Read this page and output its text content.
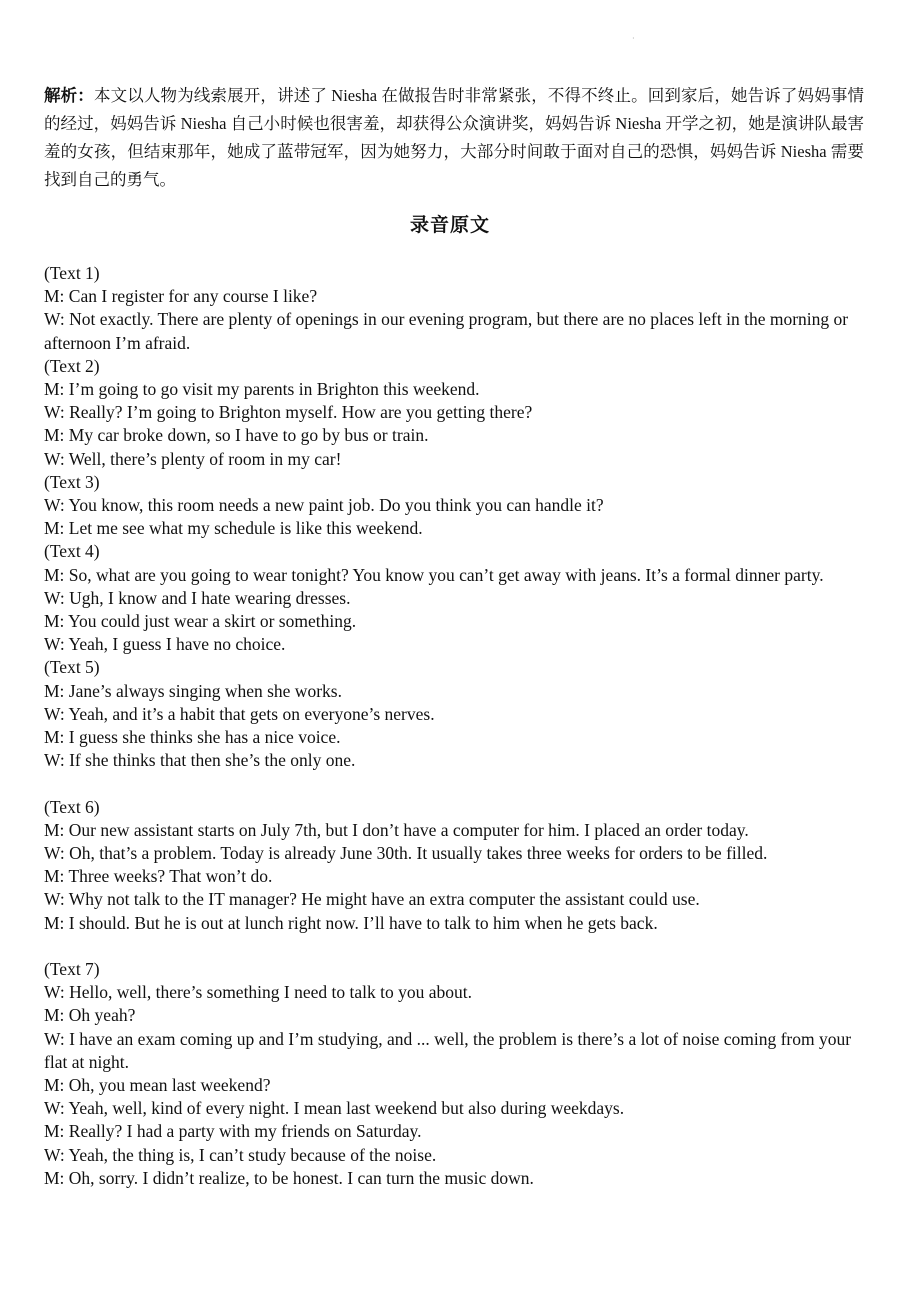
·
解析：本文以人物为线索展开，讲述了 Niesha 在做报告时非常紧张，不得不终止。回到家后，她告诉了妈妈事情的经过，妈妈告诉 Niesha 自己小时候也很害羞，却获得公众演讲奖，妈妈告诉 Niesha 开学之初，她是演讲队最害羞的女孩，但结束那年，她成了蓝带冠军，因为她努力，大部分时间敢于面对自己的恐惧，妈妈告诉 Niesha 需要找到自己的勇气。
录音原文

(Text 1)

M: Can I register for any course I like?

W: Not exactly. There are plenty of openings in our evening program, but there are no places left in the morning or afternoon I’m afraid.

(Text 2)

M: I’m going to go visit my parents in Brighton this weekend.

W: Really? I’m going to Brighton myself. How are you getting there?

M: My car broke down, so I have to go by bus or train.

W: Well, there’s plenty of room in my car!

(Text 3)

W: You know, this room needs a new paint job. Do you think you can handle it?

M: Let me see what my schedule is like this weekend.

(Text 4)

M: So, what are you going to wear tonight? You know you can’t get away with jeans. It’s a formal dinner party.

W: Ugh, I know and I hate wearing dresses.

M: You could just wear a skirt or something.

W: Yeah, I guess I have no choice.

(Text 5)

M: Jane’s always singing when she works.

W: Yeah, and it’s a habit that gets on everyone’s nerves.

M: I guess she thinks she has a nice voice.

W: If she thinks that then she’s the only one.

(Text 6)

M: Our new assistant starts on July 7th, but I don’t have a computer for him. I placed an order today.

W: Oh, that’s a problem. Today is already June 30th. It usually takes three weeks for orders to be filled.

M: Three weeks? That won’t do.

W: Why not talk to the IT manager? He might have an extra computer the assistant could use.

M: I should. But he is out at lunch right now. I’ll have to talk to him when he gets back.

(Text 7)

W: Hello, well, there’s something I need to talk to you about.

M: Oh yeah?

W: I have an exam coming up and I’m studying, and ... well, the problem is there’s a lot of noise coming from your flat at night.

M: Oh, you mean last weekend?

W: Yeah, well, kind of every night. I mean last weekend but also during weekdays.

M: Really? I had a party with my friends on Saturday.

W: Yeah, the thing is, I can’t study because of the noise.

M: Oh, sorry. I didn’t realize, to be honest. I can turn the music down.
